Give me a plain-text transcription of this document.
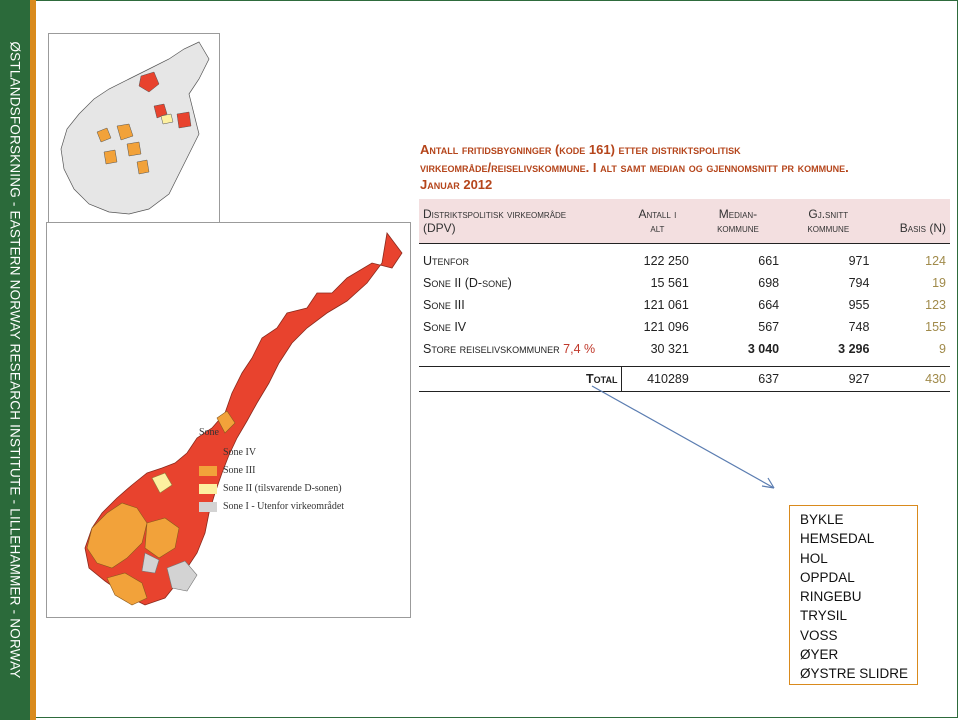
ØSTLANDSFORSKNING - EASTERN NORWAY RESEARCH INSTITUTE - LILLEHAMMER - NORWAY	Sone
Sone IV
Sone III
Sone II (tilsvarende D-sonen)
Sone I - Utenfor virkeområdet
Antall fritidsbygninger (kode 161) etter distriktspolitisk
virkeområde/reiselivskommune. I alt samt median og gjennomsnitt pr kommune.
Januar 2012
Distriktspolitisk virkeområde	Antall i	Median-	Gj.snitt	
(DPV)	alt	kommune	kommune	Basis (N)

Utenfor	122 250	661	971	124
Sone II (D-sone)	15 561	698	794	19
Sone III	121 061	664	955	123
Sone IV	121 096	567	748	155
Store reiselivskommuner 7,4 %	30 321	3 040	3 296	9

Total	410289	637	927	430
BYKLE
HEMSEDAL
HOL
OPPDAL
RINGEBU
TRYSIL
VOSS
ØYER
ØYSTRE SLIDRE
